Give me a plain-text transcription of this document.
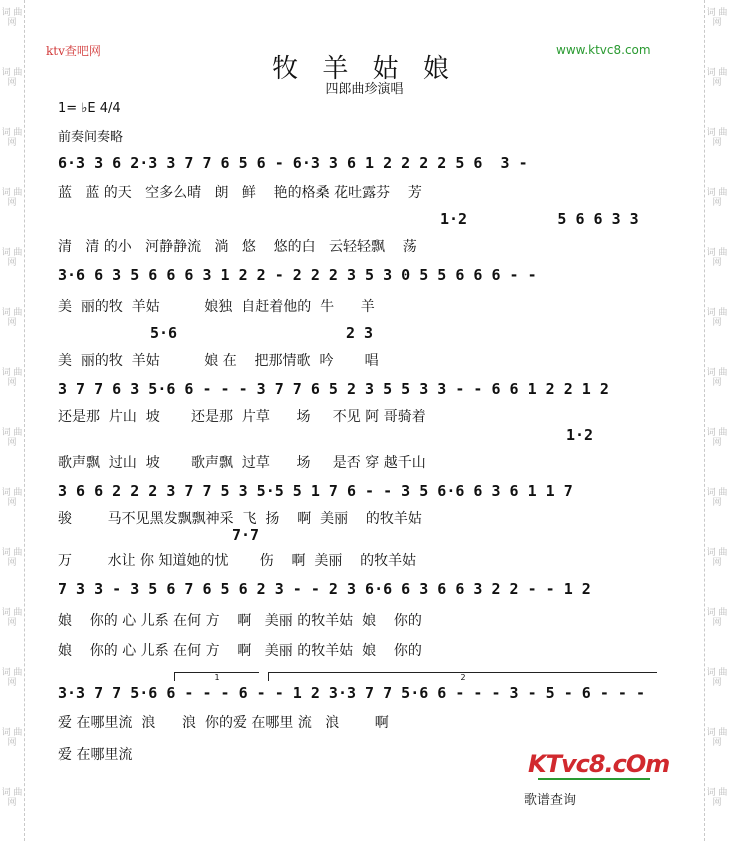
词 曲 网
词 曲 网
词 曲 网
词 曲 网
词 曲 网
词 曲 网
词 曲 网
词 曲 网
词 曲 网
词 曲 网
词 曲 网
词 曲 网
词 曲 网
词 曲 网
词 曲 网
词 曲 网
词 曲 网
词 曲 网
词 曲 网
词 曲 网
词 曲 网
词 曲 网
词 曲 网
词 曲 网
词 曲 网
词 曲 网
词 曲 网
词 曲 网
ktv查吧网	www.ktvc8.com
牧 羊 姑 娘
四郎曲珍演唱
1= ♭E 4/4
前奏间奏略
6·3 3 6 2·3 3 7 7 6 5 6 - 6·3 3 6 1 2 2 2 2 5 6  3 -
蓝   蓝 的天   空多么晴   朗   鲜    艳的格桑 花吐露芬    芳
1·2          5 6 6 3 3
清   清 的小   河静静流   淌   悠    悠的白   云轻轻飘    荡
3·6 6 3 5 6 6 6 3 1 2 2 - 2 2 2 3 5 3 0 5 5 6 6 6 - -
美  丽的牧  羊姑          娘独  自赶着他的  牛      羊
5·6	2 3
美  丽的牧  羊姑          娘 在    把那情歌  吟       唱
3 7 7 6 3 5·6 6 - - - 3 7 7 6 5 2 3 5 5 3 3 - - 6 6 1 2 2 1 2
还是那  片山  坡       还是那  片草      场     不见 阿 哥骑着
1·2
歌声飘  过山  坡       歌声飘  过草      场     是否 穿 越千山
3 6 6 2 2 2 3 7 7 5 3 5·5 5 1 7 6 - - 3 5 6·6 6 3 6 1 1 7
骏        马不见黑发飘飘神采  飞  扬    啊  美丽    的牧羊姑
7·7
万        水让 你 知道她的忧       伤    啊  美丽    的牧羊姑
7 3 3 - 3 5 6 7 6 5 6 2 3 - - 2 3 6·6 6 3 6 6 3 2 2 - - 1 2
娘    你的 心 儿系 在何 方    啊   美丽 的牧羊姑  娘    你的
娘    你的 心 儿系 在何 方    啊   美丽 的牧羊姑  娘    你的
1	2
3·3 7 7 5·6 6 - - - 6 - - 1 2 3·3 7 7 5·6 6 - - - 3 - 5 - 6 - - -
爱 在哪里流  浪      浪  你的爱 在哪里 流   浪        啊
爱 在哪里流	KTvc8.cOm
歌谱查询
